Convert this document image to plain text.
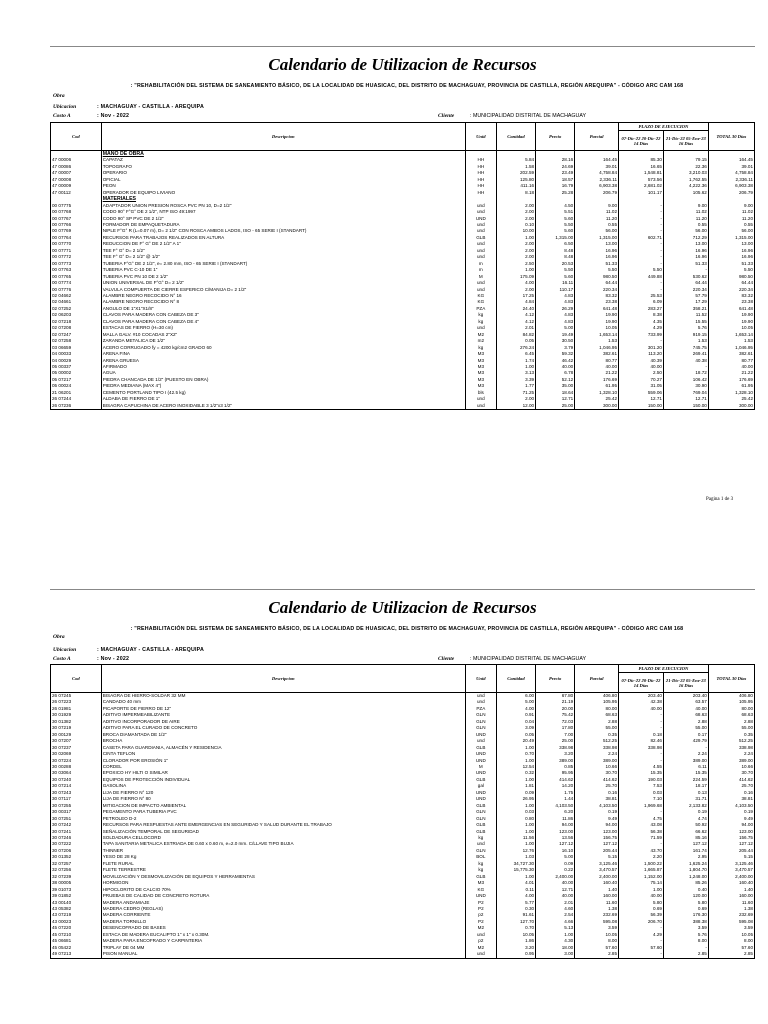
Calendario de Utilizacion de Recursos
Obra
: "REHABILITACIÓN DEL SISTEMA DE SANEAMIENTO BÁSICO, DE LA LOCALIDAD DE HUASICAC, DEL DISTRITO DE MACHAGUAY, PROVINCIA DE CASTILLA, REGIÓN AREQUIPA" - CÓDIGO ARC CAM 168
Ubicacion	: MACHAGUAY - CASTILLA - AREQUIPA
Costo A	: Nov - 2022	Cliente	: MUNICIPALIDAD DISTRITAL DE MACHAGUAY
Cod	Descripcion	Unid	Cantidad	Precio	Parcial	PLAZO DE EJECUCION		TOTAL 30 Días
						07-Dic-22 20-Dic-22 14 Días	21-Dic-22 05-Ene-23 16 Días	
	MANO DE OBRA							
47 00006	CAPATAZ	HH	5.84	28.16	164.45	85.30	79.15	164.45
47 00086	TOPOGRAFO	HH	1.58	24.69	39.01	16.65	22.36	39.01
47 00007	OPERARIO	HH	202.59	23.49	4,758.84	1,548.81	3,210.03	4,758.84
47 00008	OFICIAL	HH	125.80	18.57	2,336.11	573.56	1,762.55	2,336.11
47 00009	PEON	HH	411.16	16.79	6,903.38	2,681.02	4,222.36	6,903.38
47 00112	OPERADOR DE EQUIPO LIVIANO	HH	8.18	25.28	206.79	101.17	105.62	206.79
	MATERIALES							
00 07775	ADAPTADOR UNION PRESION ROSCA PVC PN 10, D=2 1/2"	und	2.00	4.50	9.00	-	9.00	9.00
00 07768	CODO 90° F°G° DE 2 1/2", NTP ISO 49:1997	und	2.00	5.51	11.02	-	11.02	11.02
00 07767	CODO 90° SP PVC DE 2 1/2"	UND	2.00	5.60	11.20	-	11.20	11.20
00 07766	FORMADOR DE EMPAQUETADURA	und	0.10	5.50	0.55	-	0.55	0.55
00 07769	NIPLE F°G° R (L=0.07 m), D= 2 1/2" CON ROSCA AMBOS LADOS, ISO - 65 SERIE I (STANDART)	und	10.00	5.60	56.00	-	56.00	56.00
00 07764	RECURSOS PARA TRABAJOS REALIZADOS EN ALTURA	GLB	1.00	1,315.00	1,315.00	602.71	712.29	1,315.00
00 07770	REDUCCION DE F° G° DE 2 1/2" A 1"	und	2.00	6.50	13.00	-	13.00	13.00
00 07771	TEE F° G° D= 2 1/2"	und	2.00	8.48	16.96	-	16.96	16.96
00 07772	TEE F° G° D= 2 1/2" @ 1/2"	und	2.00	8.48	16.96	-	16.96	16.96
00 07773	TUBERIA F°G° DE 2 1/2", e= 2.80 mm, ISO - 65 SERIE I (STANDART)	m	2.50	20.53	51.33	-	51.33	51.33
00 07763	TUBERIA PVC C-10 DE 1"	m	1.00	5.50	5.50	5.50	-	5.50
00 07765	TUBERIA PVC PN 10 DE 2 1/2"	M	175.09	5.60	980.50	449.88	530.62	980.50
00 07774	UNION UNIVERSAL DE F°G° D= 2 1/2"	und	4.00	16.11	64.44	-	64.44	64.44
00 07776	VALVULA COMPUERTA DE CIERRE ESFERICO C/MANIJA D= 2 1/2"	und	2.00	110.17	220.34	-	220.34	220.34
02 04662	ALAMBRE NEGRO RECOCIDO N° 16	KG	17.25	4.83	83.32	25.53	57.79	83.32
02 04661	ALAMBRE NEGRO RECOCIDO N° 8	KG	4.84	4.83	23.38	6.09	17.29	23.38
02 07252	ANGULO DE 1"X1"X1/8"	PZA	24.40	26.29	641.48	283.27	358.21	641.48
02 06203	CLAVOS PARA MADERA CON CABEZA DE 3"	kg	4.12	4.83	19.90	8.38	11.52	19.90
02 07218	CLAVOS PARA MADERA CON CABEZA DE 4"	kg	4.12	4.83	19.90	4.35	15.55	19.90
02 07208	ESTACAS DE FIERRO (H=30 cm)	und	2.01	5.00	10.05	4.29	5.76	10.05
02 07247	MALLA GALV. #10 COCADAS 2"X2"	M2	84.82	19.49	1,653.14	733.99	919.15	1,653.14
02 07258	ZARANDA METALICA DE 1/2"	m2	0.05	30.50	1.53	-	1.53	1.53
03 06659	ACERO CORRUGADO fy = 4200 kg/cm2 GRADO 60	kg	276.24	3.79	1,046.95	301.20	745.75	1,046.95
04 00033	ARENA FINA	M3	6.45	59.32	382.61	113.20	269.41	382.61
04 00029	ARENA GRUESA	M3	1.74	46.42	80.77	40.39	40.38	80.77
05 00337	AFIRMADO	M3	1.00	40.00	40.00	40.00	-	40.00
05 00002	AGUA	M3	3.13	6.78	21.22	2.50	18.72	21.22
05 07217	PIEDRA CHANCADA DE 1/2" (PUESTO EN OBRA)	M3	3.39	52.12	176.69	70.27	106.42	176.69
05 00024	PIEDRA MEDIANA (MAX 4")	M3	1.77	35.00	61.95	31.05	30.90	61.95
21 06201	CEMENTO PORTLAND TIPO I (42.5 kg)	bls	71.25	18.64	1,328.10	559.06	769.04	1,328.10
26 07244	ALDABA DE FIERRO DE 1"	und	2.00	12.71	25.42	12.71	12.71	25.42
26 07236	BISAGRA CAPUCHINA DE ACERO INOXIDABLE 3 1/2"x3 1/2"	und	12.00	25.00	300.00	150.00	150.00	300.00
Pagina 1 de 3
Calendario de Utilizacion de Recursos
Obra
: "REHABILITACIÓN DEL SISTEMA DE SANEAMIENTO BÁSICO, DE LA LOCALIDAD DE HUASICAC, DEL DISTRITO DE MACHAGUAY, PROVINCIA DE CASTILLA, REGIÓN AREQUIPA" - CÓDIGO ARC CAM 168
Ubicacion	: MACHAGUAY - CASTILLA - AREQUIPA
Costo A	: Nov - 2022	Cliente	: MUNICIPALIDAD DISTRITAL DE MACHAGUAY
Cod	Descripcion	Unid	Cantidad	Precio	Parcial	PLAZO DE EJECUCION		TOTAL 30 Días
						07-Dic-22 20-Dic-22 14 Días	21-Dic-22 05-Ene-23 16 Días	
26 07245	BISAGRA DE HIERRO-SOLDAR 32 MM	und	6.00	67.80	406.80	203.40	203.40	406.80
26 07223	CANDADO 40 mm	und	5.00	21.19	105.95	42.38	63.57	105.95
26 01981	PICAPORTE DE FIERRO DE 12"	PZA	4.00	20.00	80.00	40.00	40.00	80.00
30 01929	ADITIVO IMPERMEABILIZANTE	GLN	0.91	75.42	68.63	-	68.63	68.63
30 01382	ADITIVO INCORPORADOR DE AIRE	GLN	0.04	72.03	2.88	-	2.88	2.88
30 07219	ADITIVO PARA EL CURADO DE CONCRETO	GLN	3.09	17.80	55.00	-	55.00	55.00
30 00129	BROCA DIAMANTADA DE 1/2"	UND	0.05	7.00	0.35	0.18	0.17	0.35
30 07207	BROCHA	und	20.49	25.00	512.25	82.46	429.79	512.25
30 07237	CASETA PARA GUARDIANIA, ALMACÉN Y RESIDENCIA	GLB	1.00	338.98	338.98	338.98	-	338.98
30 02069	CINTA TEFLON	UND	0.70	3.20	2.24	-	2.24	2.24
30 07224	CLORADOR POR EROSIÓN 1"	UND	1.00	389.00	389.00	-	389.00	389.00
30 00288	CORDEL	M	12.54	0.85	10.66	4.55	6.11	10.66
30 03064	EPOXICO HY HILTI O SIMILAR	UND	0.32	95.95	30.70	15.35	15.35	30.70
30 07240	EQUIPOS DE PROTECCIÓN INDIVIDUAL	GLB	1.00	414.62	414.62	190.03	224.59	414.62
30 07214	GASOLINA	gal	1.81	14.20	25.70	7.53	18.17	25.70
30 07243	LIJA DE FIERRO N° 120	UND	0.09	1.75	0.16	0.03	0.13	0.16
30 07117	LIJA DE FIERRO N° 80	UND	26.95	1.44	38.81	7.10	31.71	38.81
30 07255	MITIGACION DE IMPACTO AMBIENTAL	GLB	1.00	4,103.50	4,103.50	1,969.68	2,133.82	4,103.50
30 00317	PEGAMENTO PARA TUBERIA PVC	GLN	0.03	6.20	0.19	-	0.19	0.19
30 07251	PETROLEO D-2	GLN	0.80	11.86	9.49	4.75	4.74	9.49
30 07242	RECURSOS PARA RESPUESTAS ANTE EMERGENCIAS EN SEGURIDAD Y SALUD DURANTE EL TRABAJO	GLB	1.00	94.00	94.00	43.08	50.92	94.00
30 07241	SEÑALIZACIÓN TEMPORAL DE SEGURIDAD	GLB	1.00	123.00	123.00	56.38	66.62	123.00
30 07246	SOLDADURA CELLOCORD	kg	11.56	13.56	156.75	71.59	85.16	156.75
30 07222	TAPA SANITARIA METALICA ESTRIADA DE 0.60 x 0.60 m, e=2.0 mm. C/LLAVE TIPO BUJIA	und	1.00	127.12	127.12	-	127.12	127.12
30 07206	THINNER	GLN	12.76	16.10	205.44	43.70	161.74	205.44
30 01352	YESO DE 28 Kg	BOL	1.03	5.00	5.15	2.20	2.95	5.15
32 07257	FLETE RURAL	kg	34,727.30	0.09	3,125.46	1,500.22	1,625.24	3,125.46
32 07256	FLETE TERRESTRE	kg	15,775.30	0.22	3,470.57	1,665.87	1,804.70	3,470.57
32 07239	MOVILIZACIÓN Y DESMOVILIZACIÓN DE EQUIPOS Y HERRAMIENTAS	GLB	1.00	2,400.00	2,400.00	1,152.00	1,248.00	2,400.00
38 00005	HORMIGON	M3	4.01	40.00	160.40	75.14	85.26	160.40
39 01073	HIPOCLORITO DE CALCIO 70%	KG	0.11	12.71	1.40	1.00	0.40	1.40
39 01852	PRUEBAS DE CALIDAD DE CONCRETO ROTURA	UND	4.00	40.00	160.00	40.00	120.00	160.00
43 00140	MADERA ANDAMIAJE	P2	5.77	2.01	11.60	5.80	5.80	11.60
43 05382	MADERA CEDRO (REGLAS)	P2	0.30	4.60	1.38	0.69	0.69	1.38
43 07219	MADERA CORRIENTE	p2	91.61	2.54	232.69	56.39	176.30	232.69
43 00023	MADERA TORNILLO	P2	127.70	4.66	595.08	206.70	388.38	595.08
45 07220	DESENCOFRADO DE BASES	M2	0.70	5.13	3.59	-	3.59	3.59
45 07210	ESTACA DE MADERA EUCALIPTO 1" x 1" x 0.30M.	und	10.05	1.00	10.05	4.29	5.76	10.05
45 06681	MADERA PARA ENCOFRADO Y CARPINTERIA	p2	1.86	4.30	8.00	-	8.00	8.00
45 05422	TRIPLAY DE 04 MM	M2	3.20	18.00	57.60	57.60	-	57.60
49 07213	PISON MANUAL	und	0.95	3.00	2.85	-	2.85	2.85
